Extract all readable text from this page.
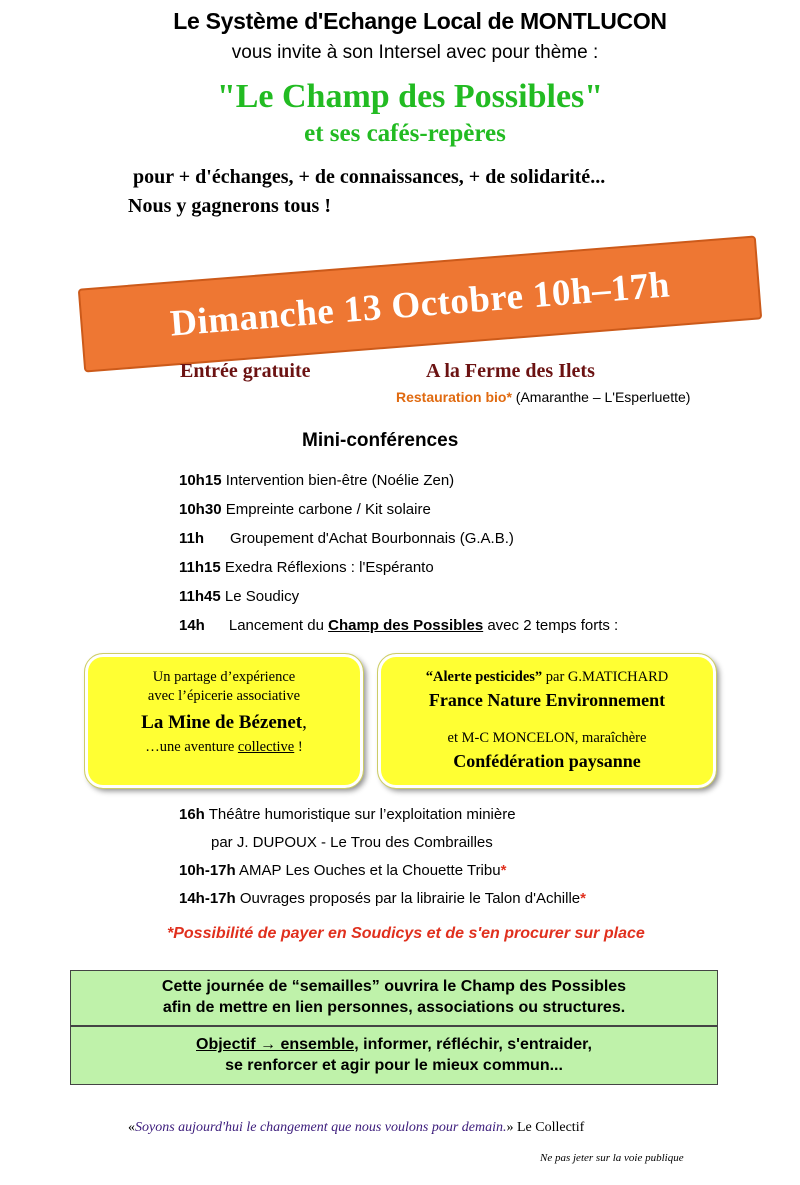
Le Système d'Echange Local de MONTLUCON
vous invite à son Intersel avec pour thème :
"Le Champ des Possibles"
et ses cafés-repères
pour + d'échanges, + de connaissances, + de solidarité...
Nous y gagnerons tous !
Dimanche 13 Octobre 10h–17h
Entrée gratuite	A la Ferme des Ilets
Restauration bio* (Amaranthe – L'Esperluette)
Mini-conférences
10h15 Intervention bien-être (Noélie Zen)
10h30 Empreinte carbone / Kit solaire
11h Groupement d'Achat Bourbonnais (G.A.B.)
11h15 Exedra Réflexions : l'Espéranto
11h45 Le Soudicy
14h Lancement du Champ des Possibles avec 2 temps forts :
Un partage d’expérience
avec l’épicerie associative
La Mine de Bézenet,
…une aventure collective !
“Alerte pesticides” par G.MATICHARD
France Nature Environnement
et M-C MONCELON, maraîchère
Confédération paysanne
16h Théâtre humoristique sur l’exploitation minière
par J. DUPOUX - Le Trou des Combrailles
10h-17h AMAP Les Ouches et la Chouette Tribu*
14h-17h Ouvrages proposés par la librairie le Talon d'Achille*
*Possibilité de payer en Soudicys et de s'en procurer sur place
Cette journée de “semailles” ouvrira le Champ des Possibles
afin de mettre en lien personnes, associations ou structures.
Objectif → ensemble, informer, réfléchir, s'entraider,
se renforcer et agir pour le mieux commun...
«Soyons aujourd'hui le changement que nous voulons pour demain.» Le Collectif
Ne pas jeter sur la voie publique
